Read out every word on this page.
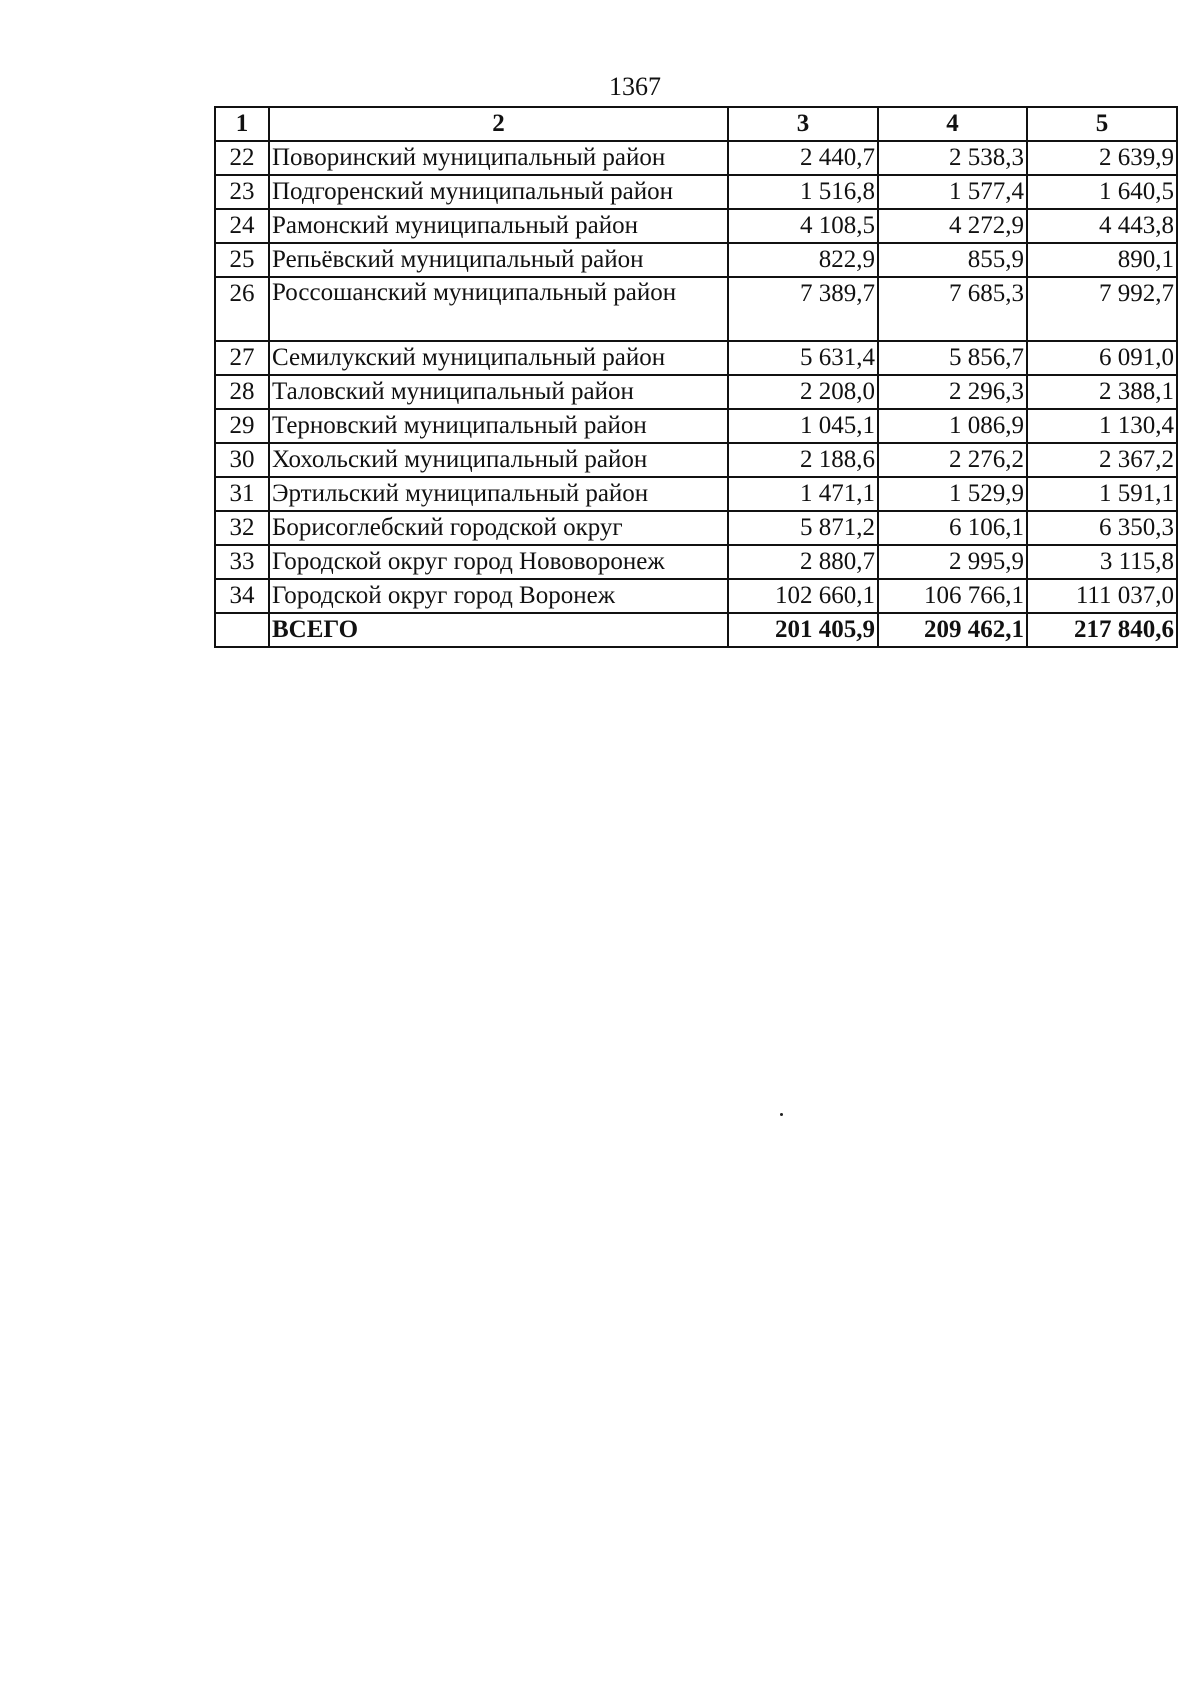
1367
1	2	3	4	5
22	Поворинский муниципальный район	2 440,7	2 538,3	2 639,9
23	Подгоренский муниципальный район	1 516,8	1 577,4	1 640,5
24	Рамонский муниципальный район	4 108,5	4 272,9	4 443,8
25	Репьёвский муниципальный район	822,9	855,9	890,1
26	Россошанский муниципальный район	7 389,7	7 685,3	7 992,7
27	Семилукский муниципальный район	5 631,4	5 856,7	6 091,0
28	Таловский муниципальный район	2 208,0	2 296,3	2 388,1
29	Терновский муниципальный район	1 045,1	1 086,9	1 130,4
30	Хохольский муниципальный район	2 188,6	2 276,2	2 367,2
31	Эртильский муниципальный район	1 471,1	1 529,9	1 591,1
32	Борисоглебский городской округ	5 871,2	6 106,1	6 350,3
33	Городской округ город Нововоронеж	2 880,7	2 995,9	3 115,8
34	Городской округ город Воронеж	102 660,1	106 766,1	111 037,0
	ВСЕГО	201 405,9	209 462,1	217 840,6
